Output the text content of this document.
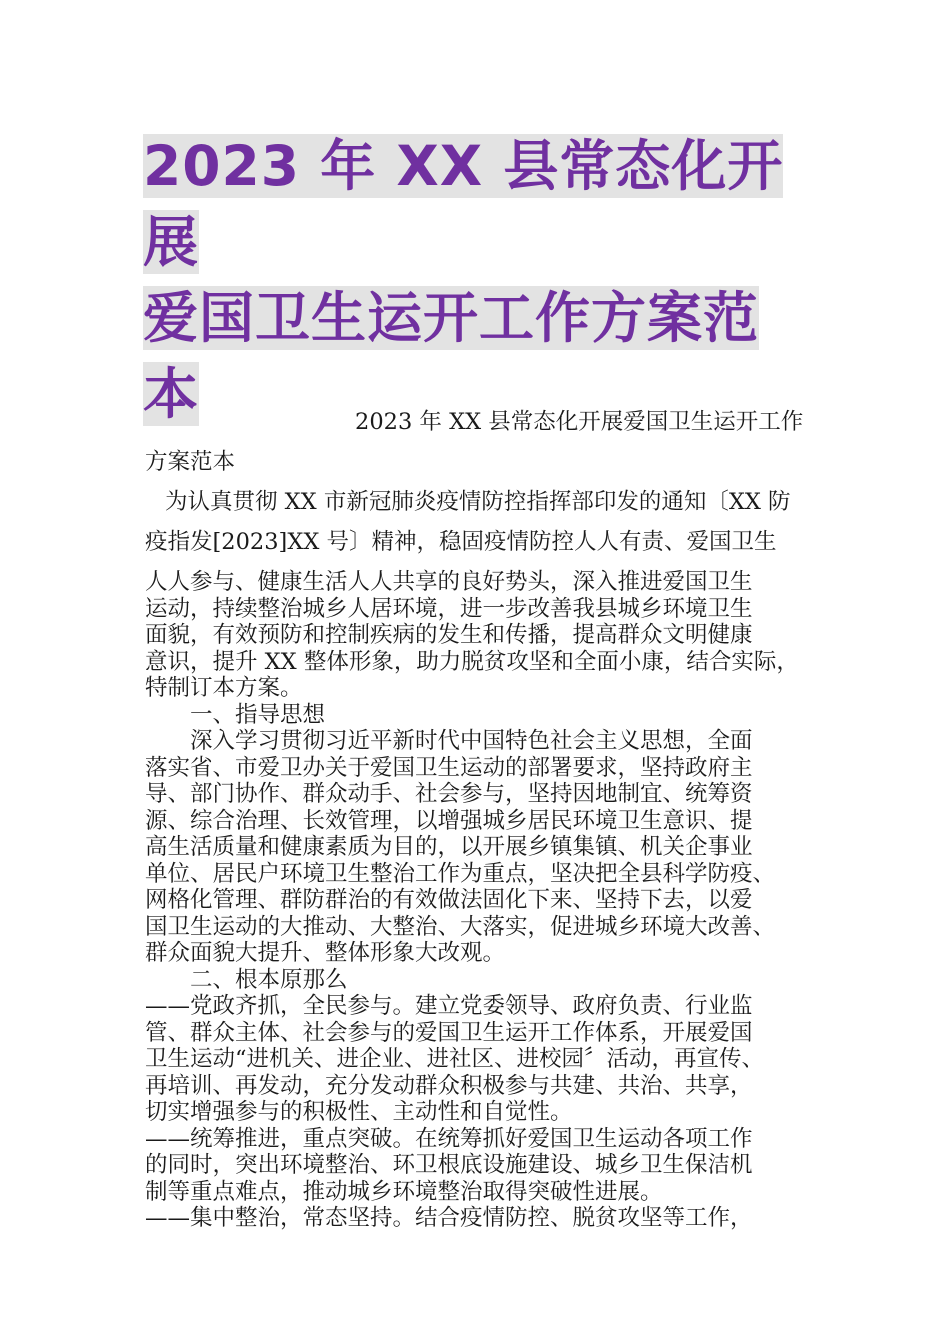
2023 年 XX 县常态化开展
爱国卫生运开工作方案范
本	2023 年 XX 县常态化开展爱国卫生运开工作

方案范本

为认真贯彻 XX 市新冠肺炎疫情防控指挥部印发的通知〔XX 防

疫指发[2023]XX 号〕精神，稳固疫情防控人人有责、爱国卫生

人人参与、健康生活人人共享的良好势头，深入推进爱国卫生

运动，持续整治城乡人居环境，进一步改善我县城乡环境卫生

面貌，有效预防和控制疾病的发生和传播，提高群众文明健康

意识，提升 XX 整体形象，助力脱贫攻坚和全面小康，结合实际，

特制订本方案。

一、指导思想

深入学习贯彻习近平新时代中国特色社会主义思想，全面

落实省、市爱卫办关于爱国卫生运动的部署要求，坚持政府主

导、部门协作、群众动手、社会参与，坚持因地制宜、统筹资

源、综合治理、长效管理，以增强城乡居民环境卫生意识、提

高生活质量和健康素质为目的，以开展乡镇集镇、机关企事业

单位、居民户环境卫生整治工作为重点，坚决把全县科学防疫、

网格化管理、群防群治的有效做法固化下来、坚持下去，以爱

国卫生运动的大推动、大整治、大落实，促进城乡环境大改善、

群众面貌大提升、整体形象大改观。

二、根本原那么

——党政齐抓，全民参与。建立党委领导、政府负责、行业监

管、群众主体、社会参与的爱国卫生运开工作体系，开展爱国

卫生运动“进机关、进企业、进社区、进校园〞活动，再宣传、

再培训、再发动，充分发动群众积极参与共建、共治、共享，

切实增强参与的积极性、主动性和自觉性。

——统筹推进，重点突破。在统筹抓好爱国卫生运动各项工作

的同时，突出环境整治、环卫根底设施建设、城乡卫生保洁机

制等重点难点，推动城乡环境整治取得突破性进展。

——集中整治，常态坚持。结合疫情防控、脱贫攻坚等工作，
